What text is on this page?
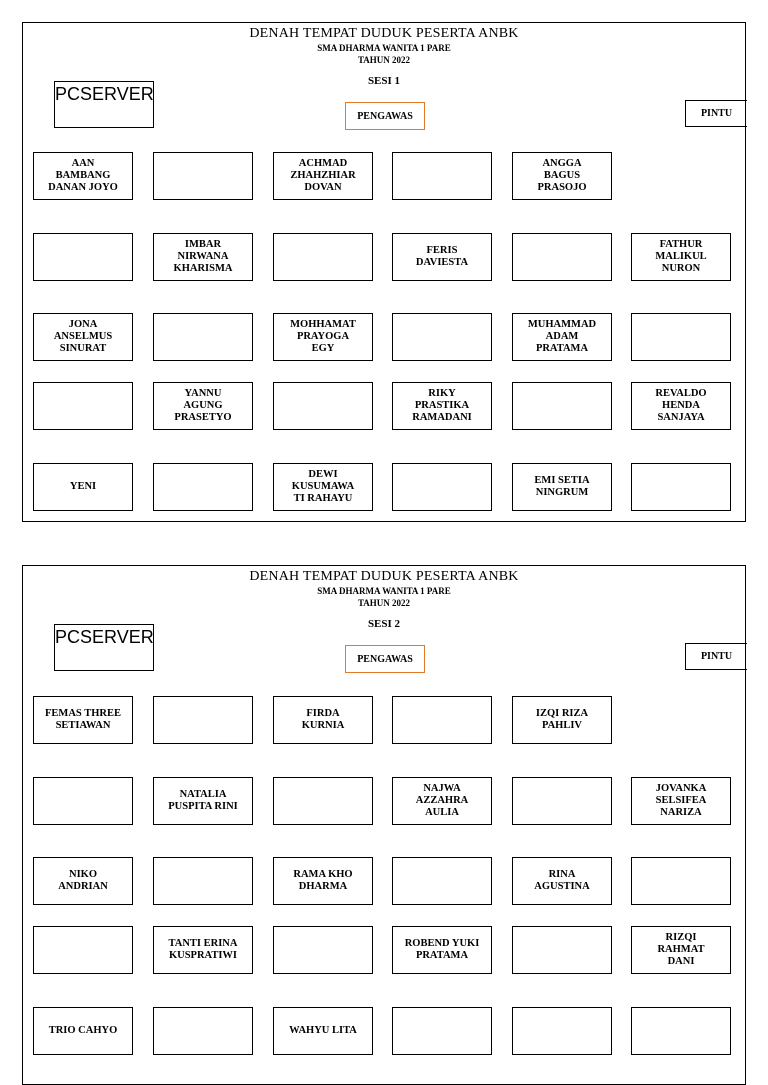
DENAH TEMPAT DUDUK PESERTA ANBK
SMA DHARMA WANITA 1 PARE
TAHUN 2022
SESI 1
PCSERVER
PENGAWAS	PINTU
AAN
BAMBANG
DANAN JOYO
ACHMAD
ZHAHZHIAR
DOVAN
ANGGA
BAGUS
PRASOJO
IMBAR
NIRWANA
KHARISMA
FERIS
DAVIESTA
FATHUR
MALIKUL
NURON
JONA
ANSELMUS
SINURAT
MOHHAMAT
PRAYOGA
EGY
MUHAMMAD
ADAM
PRATAMA
YANNU
AGUNG
PRASETYO
RIKY
PRASTIKA
RAMADANI
REVALDO
HENDA
SANJAYA
YENI
DEWI
KUSUMAWA
TI RAHAYU
EMI SETIA
NINGRUM
DENAH TEMPAT DUDUK PESERTA ANBK
SMA DHARMA WANITA 1 PARE
TAHUN 2022
SESI 2
PCSERVER
PENGAWAS	PINTU
FEMAS THREE
SETIAWAN
FIRDA
KURNIA
IZQI RIZA
PAHLIV
NATALIA
PUSPITA RINI
NAJWA
AZZAHRA
AULIA
JOVANKA
SELSIFEA
NARIZA
NIKO
ANDRIAN
RAMA KHO
DHARMA
RINA
AGUSTINA
TANTI ERINA
KUSPRATIWI
ROBEND YUKI
PRATAMA
RIZQI
RAHMAT
DANI
TRIO CAHYO	WAHYU LITA
